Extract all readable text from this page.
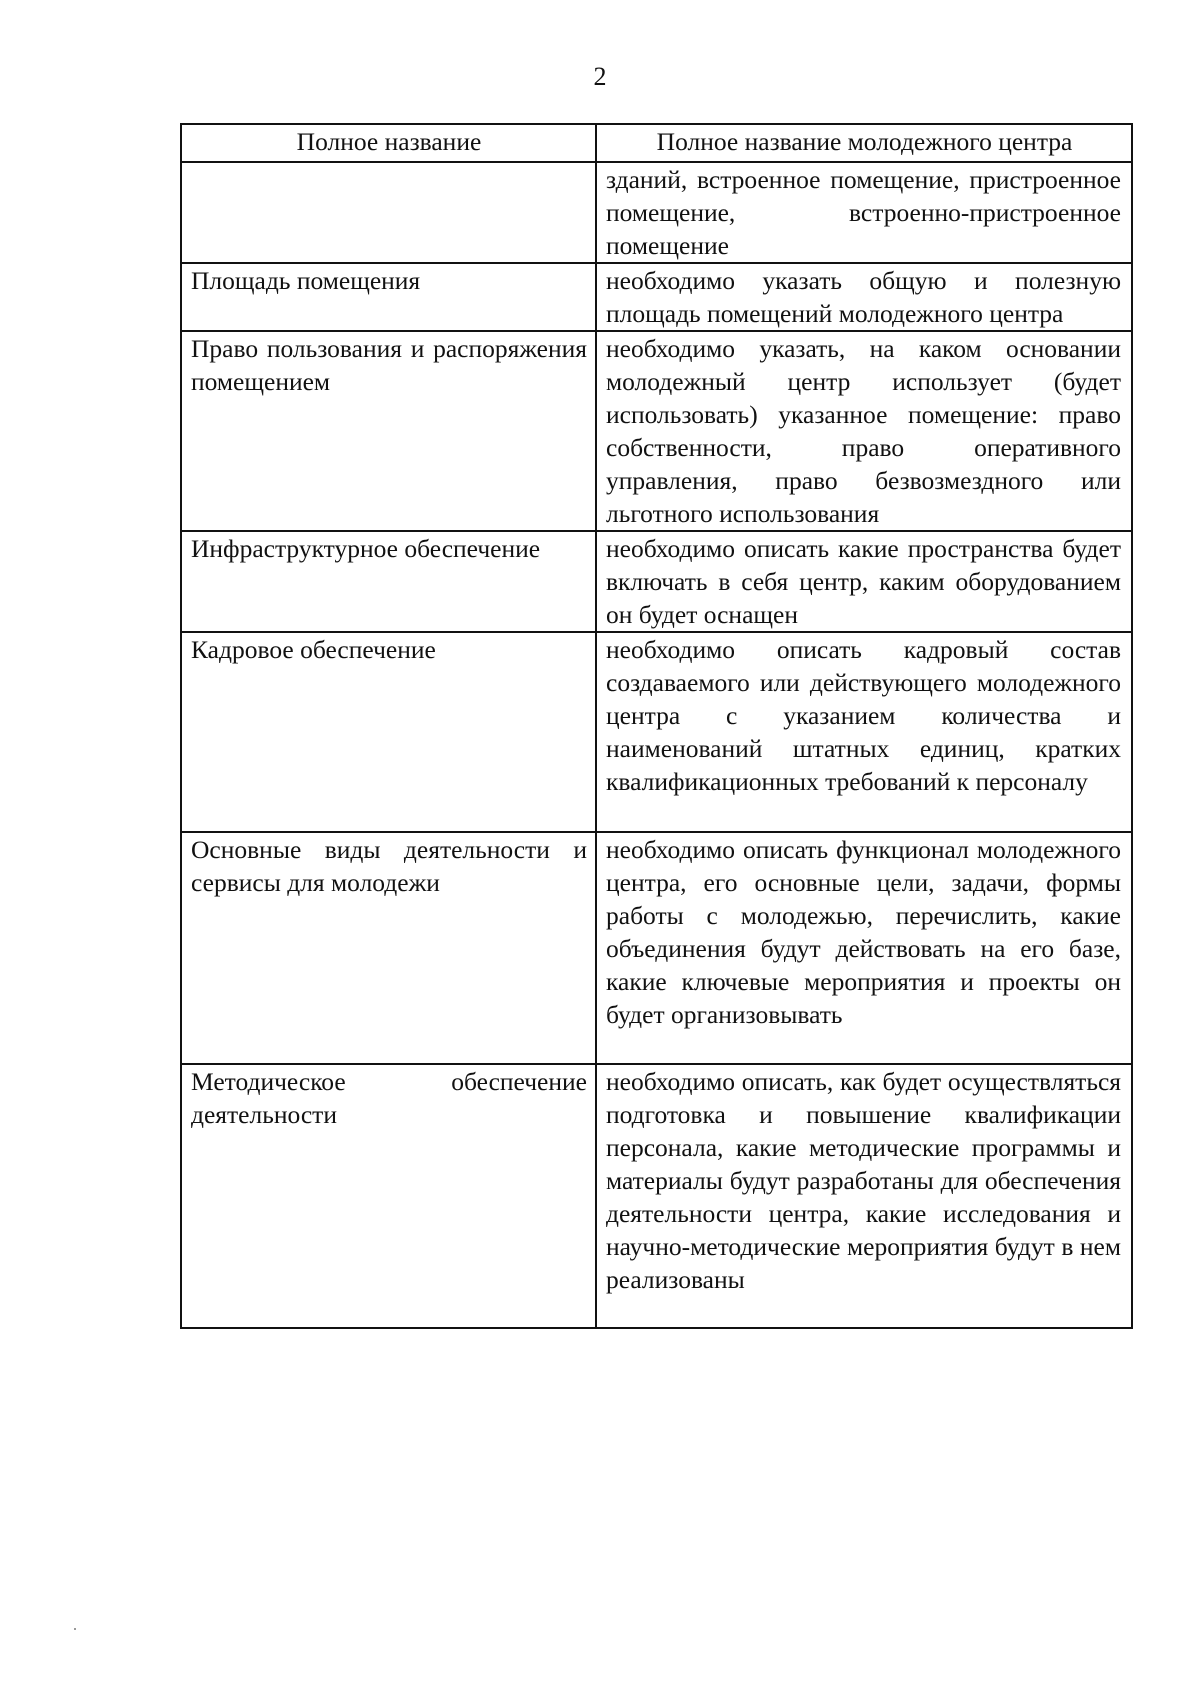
2
Полное название	Полное название молодежного центра
	зданий, встроенное помещение, пристроенное помещение, встроенно-пристроенное помещение
Площадь помещения	необходимо указать общую и полезную площадь помещений молодежного центра
Право пользования и распоряжения помещением	необходимо указать, на каком основании молодежный центр использует (будет использовать) указанное помещение: право собственности, право оперативного управления, право безвозмездного или льготного использования
Инфраструктурное обеспечение	необходимо описать какие пространства будет включать в себя центр, каким оборудованием он будет оснащен
Кадровое обеспечение	необходимо описать кадровый состав создаваемого или действующего молодежного центра с указанием количества и наименований штатных единиц, кратких квалификационных требований к персоналу
Основные виды деятельности и сервисы для молодежи	необходимо описать функционал молодежного центра, его основные цели, задачи, формы работы с молодежью, перечислить, какие объединения будут действовать на его базе, какие ключевые мероприятия и проекты он будет организовывать
Методическое обеспечение деятельности	необходимо описать, как будет осуществляться подготовка и повышение квалификации персонала, какие методические программы и материалы будут разработаны для обеспечения деятельности центра, какие исследования и научно-методические мероприятия будут в нем реализованы
